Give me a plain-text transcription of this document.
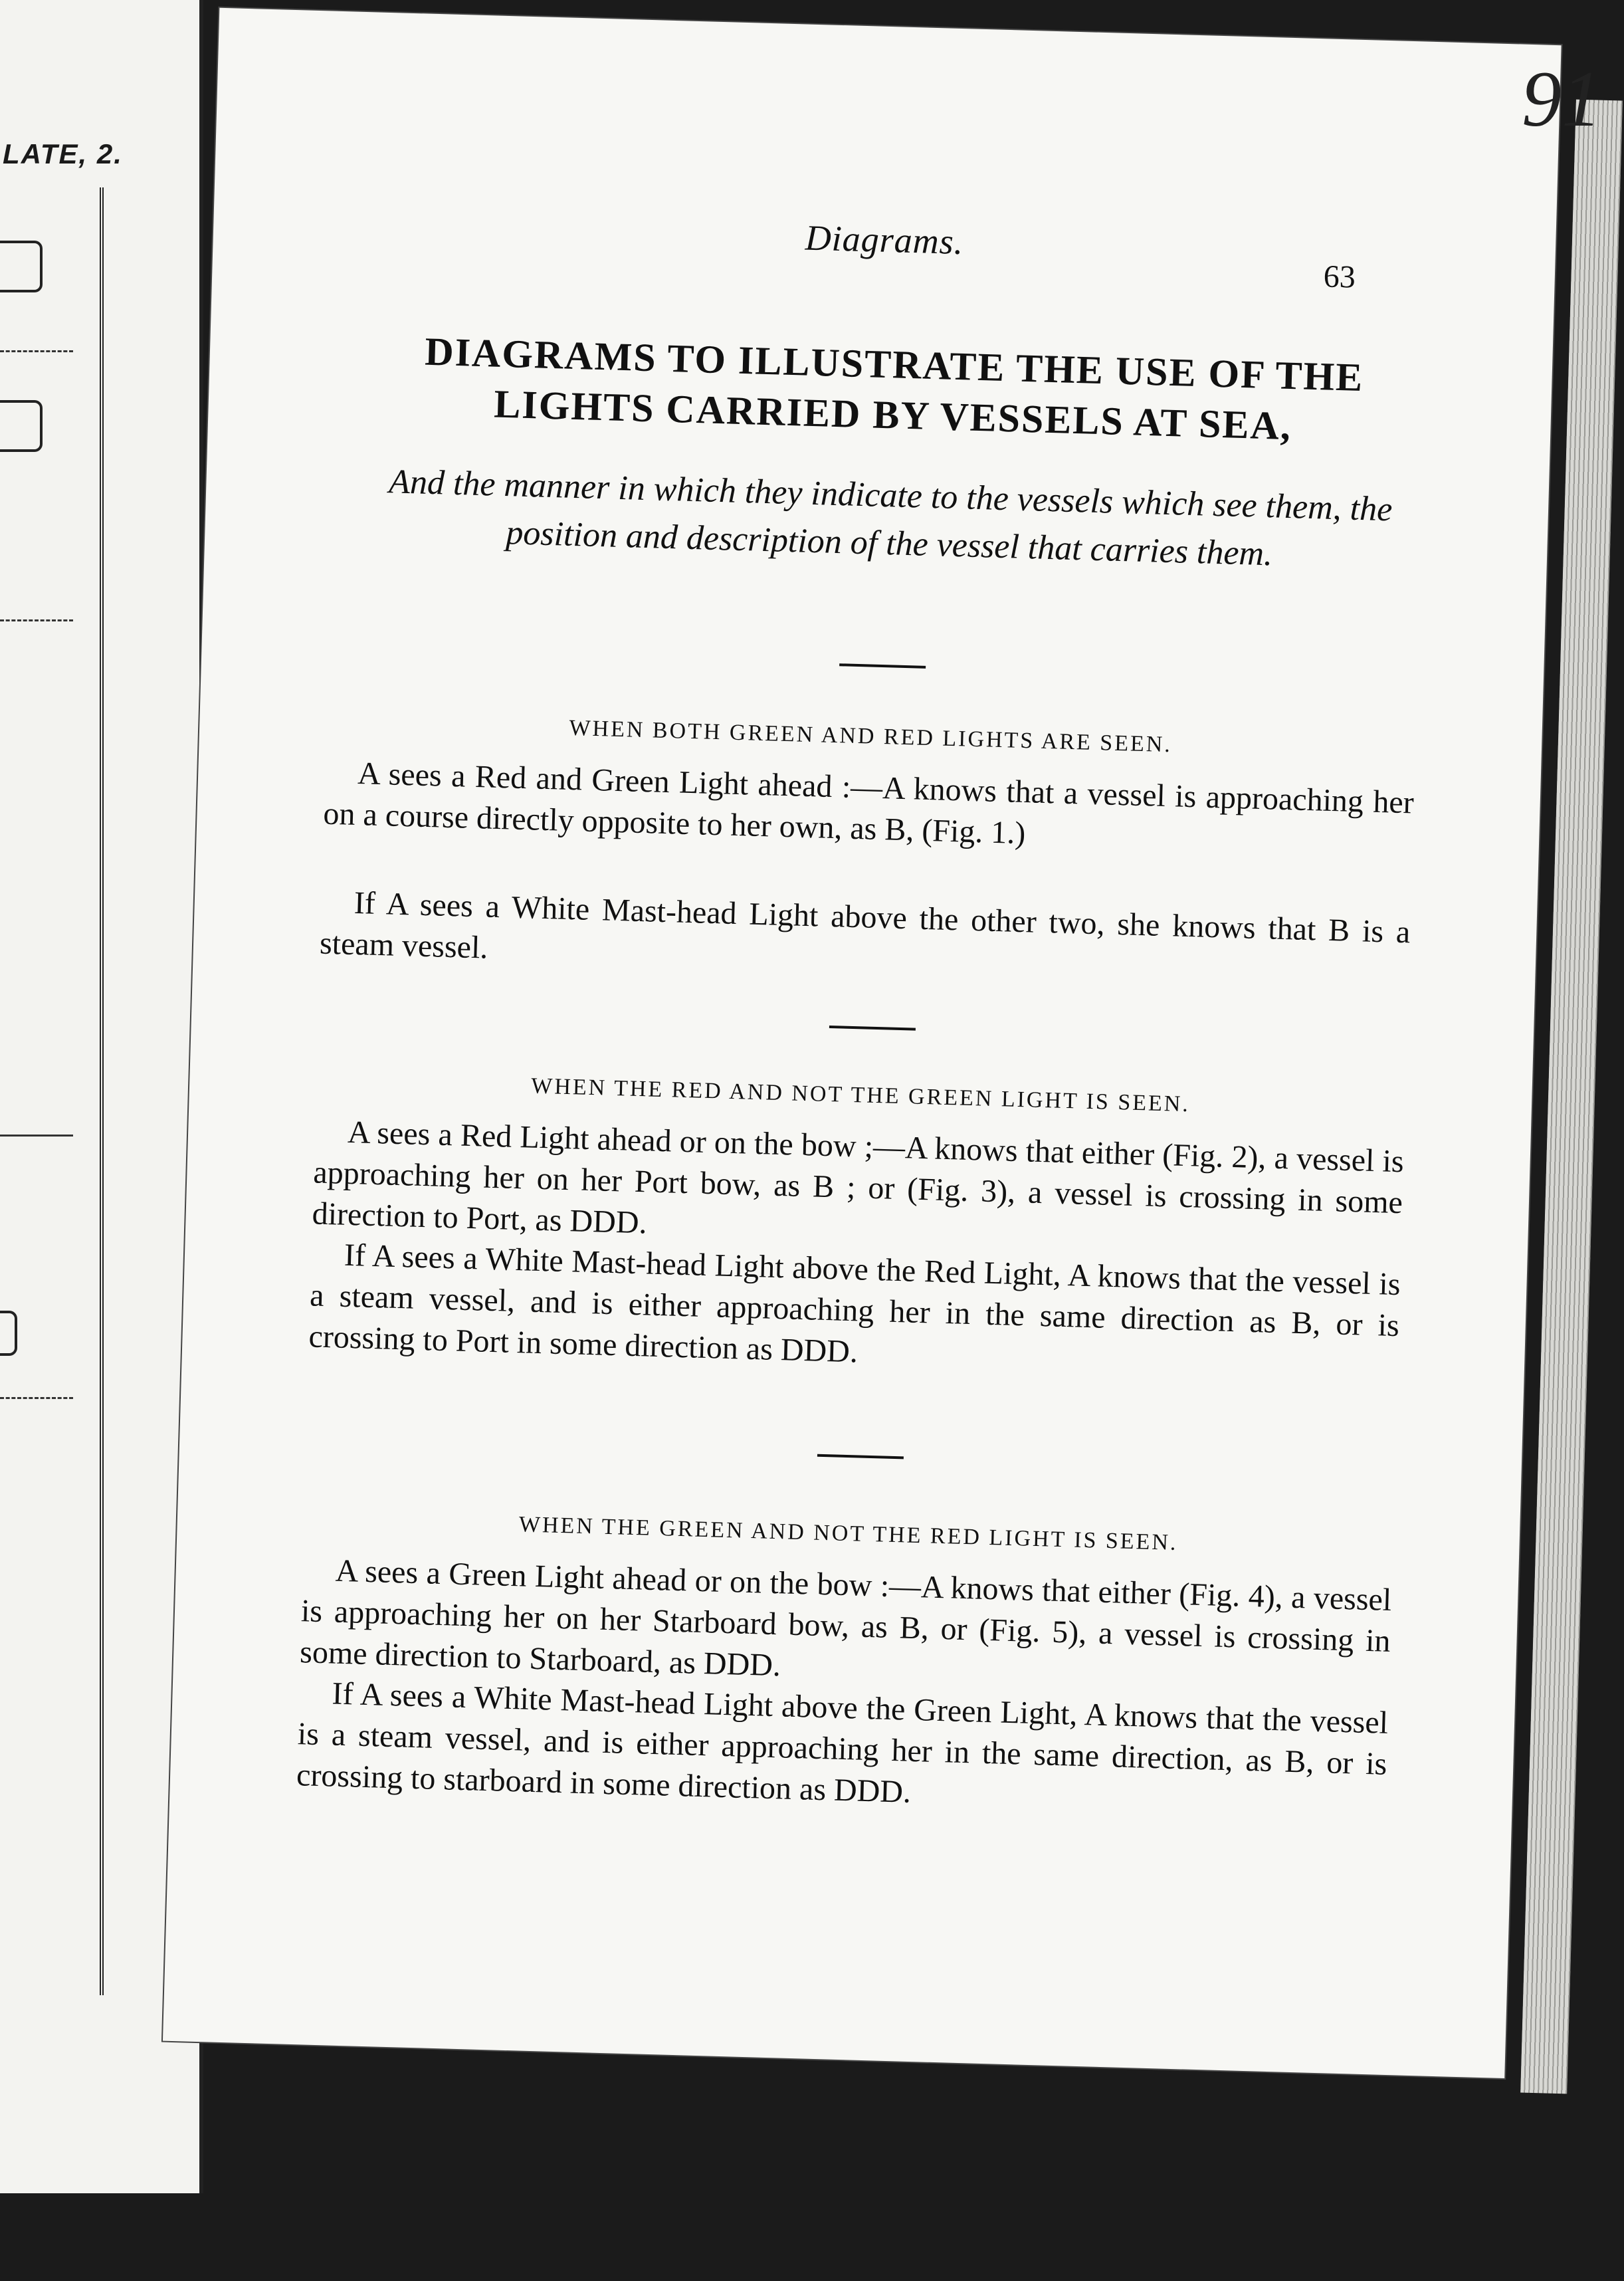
LATE, 2.
Diagrams.
63
DIAGRAMS TO ILLUSTRATE THE USE OF THE LIGHTS CARRIED BY VESSELS AT SEA,
And the manner in which they indicate to the vessels which see them, the position and description of the vessel that carries them.
WHEN BOTH GREEN AND RED LIGHTS ARE SEEN.
A sees a Red and Green Light ahead :—A knows that a vessel is approaching her on a course directly opposite to her own, as B, (Fig. 1.)
If A sees a White Mast-head Light above the other two, she knows that B is a steam vessel.
WHEN THE RED AND NOT THE GREEN LIGHT IS SEEN.
A sees a Red Light ahead or on the bow ;—A knows that either (Fig. 2), a vessel is approaching her on her Port bow, as B ; or (Fig. 3), a vessel is crossing in some direction to Port, as DDD.
If A sees a White Mast-head Light above the Red Light, A knows that the vessel is a steam vessel, and is either approaching her in the same direction as B, or is crossing to Port in some direction as DDD.
WHEN THE GREEN AND NOT THE RED LIGHT IS SEEN.
A sees a Green Light ahead or on the bow :—A knows that either (Fig. 4), a vessel is approaching her on her Starboard bow, as B, or (Fig. 5), a vessel is crossing in some direction to Starboard, as DDD.
If A sees a White Mast-head Light above the Green Light, A knows that the vessel is a steam vessel, and is either approaching her in the same direction, as B, or is crossing to starboard in some direction as DDD.
91
